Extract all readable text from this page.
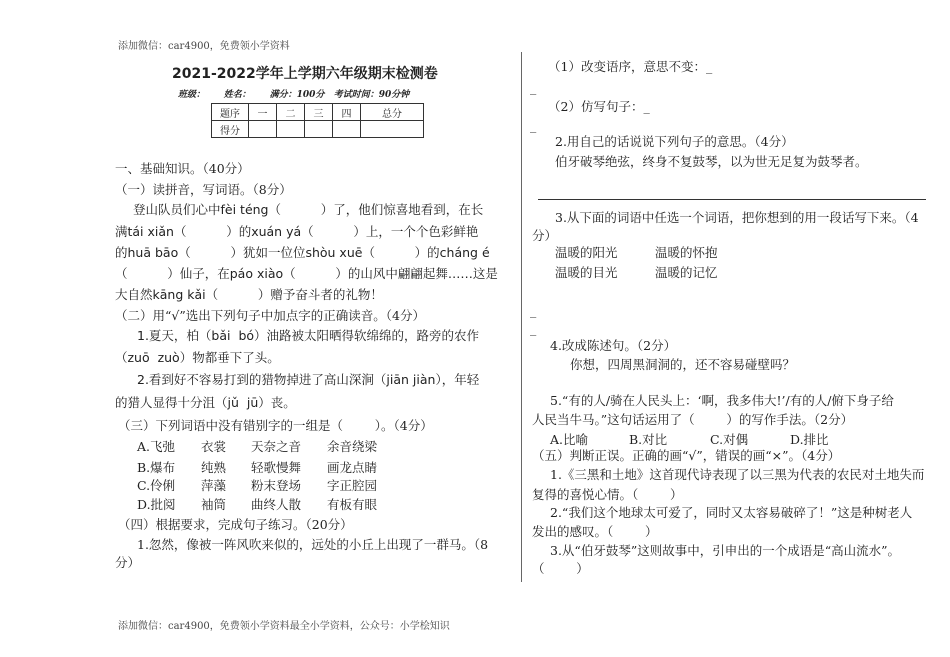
添加微信：car4900，免费领小学资料
2021-2022学年上学期六年级期末检测卷
班级：      姓名：      满分：100分   考试时间：90分钟
题序	一	二	三	四	总分
得分					
一、基础知识。（40分）
（一）读拼音，写词语。（8分）
登山队员们心中fèi téng（          ）了，他们惊喜地看到，在长
满tái xiǎn（          ）的xuán yá（          ）上，一个个色彩鲜艳
的huā bāo（          ）犹如一位位shòu xuē（          ）的cháng é
（          ）仙子，在páo xiào（          ）的山风中翩翩起舞……这是
大自然kāng kǎi（          ）赠予奋斗者的礼物！
（二）用“√”选出下列句子中加点字的正确读音。（4分）
1.夏天，柏（bǎi  bó）油路被太阳晒得软绵绵的，路旁的农作
（zuō  zuò）物都垂下了头。
2.看到好不容易打到的猎物掉进了高山深涧（jiān jiàn），年轻
的猎人显得十分沮（jǔ  jū）丧。
（三）下列词语中没有错别字的一组是（        ）。（4分）
A.飞弛 衣裳 天奈之音 余音绕梁
B.爆布 纯熟 轻歌慢舞 画龙点睛
C.伶俐 萍藻 粉末登场 字正腔园
D.批阅 袖筒 曲终人散 有板有眼
（四）根据要求，完成句子练习。（20分）
1.忽然，像被一阵风吹来似的，远处的小丘上出现了一群马。（8
分）
（1）改变语序，意思不变：_
_
（2）仿写句子：_
_
2.用自己的话说说下列句子的意思。（4分）
伯牙破琴绝弦，终身不复鼓琴，以为世无足复为鼓琴者。
3.从下面的词语中任选一个词语，把你想到的用一段话写下来。（4
分）
温暖的阳光	温暖的怀抱
温暖的目光	温暖的记忆
_
_
4.改成陈述句。（2分）
你想，四周黑洞洞的，还不容易碰壁吗？
5.“有的人/骑在人民头上：‘啊，我多伟大!’/有的人/俯下身子给
人民当牛马。”这句话运用了（        ）的写作手法。（2分）
A.比喻	B.对比	C.对偶	D.排比
（五）判断正误。正确的画“√”，错误的画“×”。（4分）
1.《三黑和土地》这首现代诗表现了以三黑为代表的农民对土地失而
复得的喜悦心情。（        ）
2.“我们这个地球太可爱了，同时又太容易破碎了！”这是种树老人
发出的感叹。（        ）
3.从“伯牙鼓琴”这则故事中，引申出的一个成语是“高山流水”。
（        ）
添加微信：car4900，免费领小学资料最全小学资料，公众号：小学桧知识
